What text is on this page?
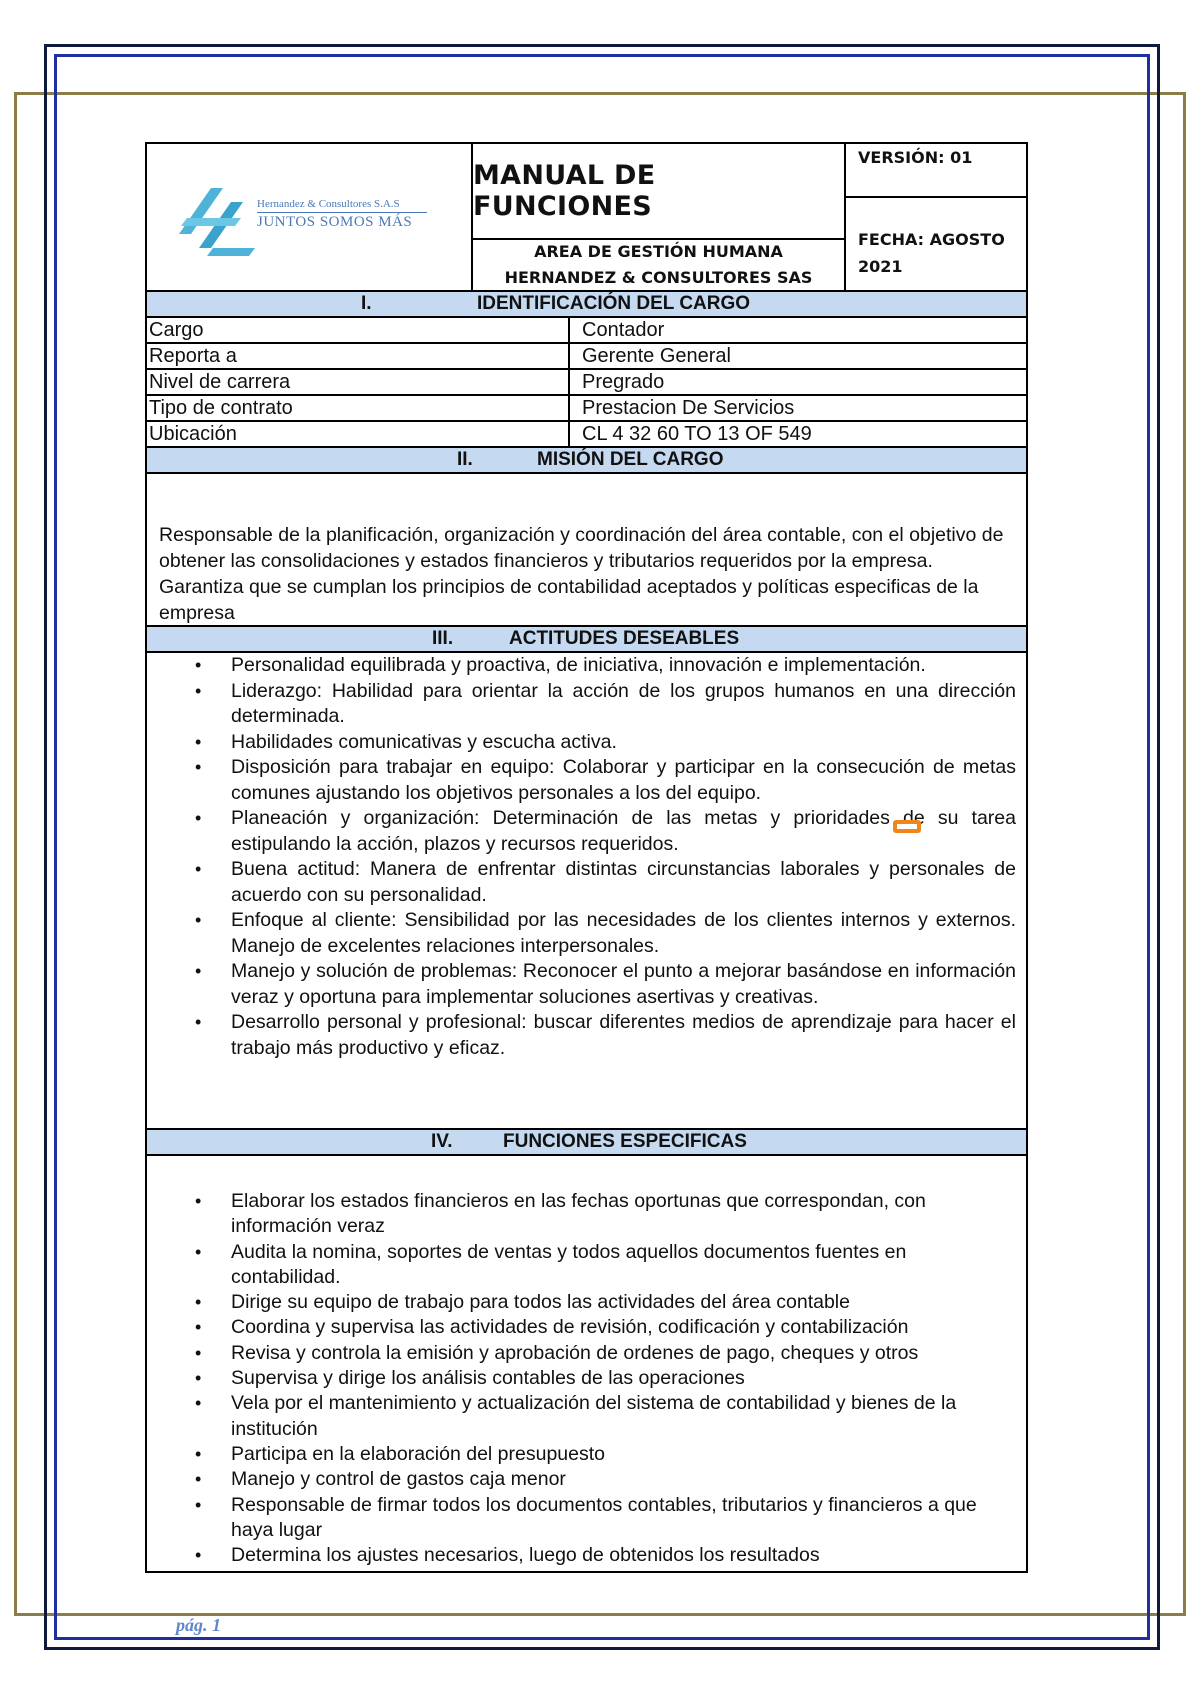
Hernandez & Consultores S.A.S
JUNTOS SOMOS MÁS
MANUAL DE FUNCIONES
AREA DE GESTIÓN HUMANA
HERNANDEZ & CONSULTORES SAS
VERSIÓN: 01
FECHA: AGOSTO
2021
I.	IDENTIFICACIÓN DEL CARGO
Cargo	Contador
Reporta a	Gerente General
Nivel de carrera	Pregrado
Tipo de contrato	Prestacion De Servicios
Ubicación	CL 4 32 60 TO 13 OF 549
II.	MISIÓN DEL CARGO
Responsable de la planificación, organización y coordinación del área contable, con el objetivo de obtener las consolidaciones y estados financieros y tributarios requeridos por la empresa. Garantiza que se cumplan los principios de contabilidad aceptados y políticas especificas de la empresa
III.	ACTITUDES DESEABLES
• Personalidad equilibrada y proactiva, de iniciativa, innovación e implementación.
• Liderazgo: Habilidad para orientar la acción de los grupos humanos en una dirección determinada.
• Habilidades comunicativas y escucha activa.
• Disposición para trabajar en equipo: Colaborar y participar en la consecución de metas comunes ajustando los objetivos personales a los del equipo.
• Planeación y organización: Determinación de las metas y prioridades de su tarea estipulando la acción, plazos y recursos requeridos.
• Buena actitud: Manera de enfrentar distintas circunstancias laborales y personales de acuerdo con su personalidad.
• Enfoque al cliente: Sensibilidad por las necesidades de los clientes internos y externos. Manejo de excelentes relaciones interpersonales.
• Manejo y solución de problemas: Reconocer el punto a mejorar basándose en información veraz y oportuna para implementar soluciones asertivas y creativas.
• Desarrollo personal y profesional: buscar diferentes medios de aprendizaje para hacer el trabajo más productivo y eficaz.
IV.	FUNCIONES ESPECIFICAS
• Elaborar los estados financieros en las fechas oportunas que correspondan, con información veraz
• Audita la nomina, soportes de ventas y todos aquellos documentos fuentes en contabilidad.
• Dirige su equipo de trabajo para todos las actividades del área contable
• Coordina y supervisa las actividades de revisión, codificación y contabilización
• Revisa y controla la emisión y aprobación de ordenes de pago, cheques y otros
• Supervisa y dirige los análisis contables de las operaciones
• Vela por el mantenimiento y actualización del sistema de contabilidad y bienes de la institución
• Participa en la elaboración del presupuesto
• Manejo y control de gastos caja menor
• Responsable de firmar todos los documentos contables, tributarios y financieros a que haya lugar
• Determina los ajustes necesarios, luego de obtenidos los resultados
pág. 1
